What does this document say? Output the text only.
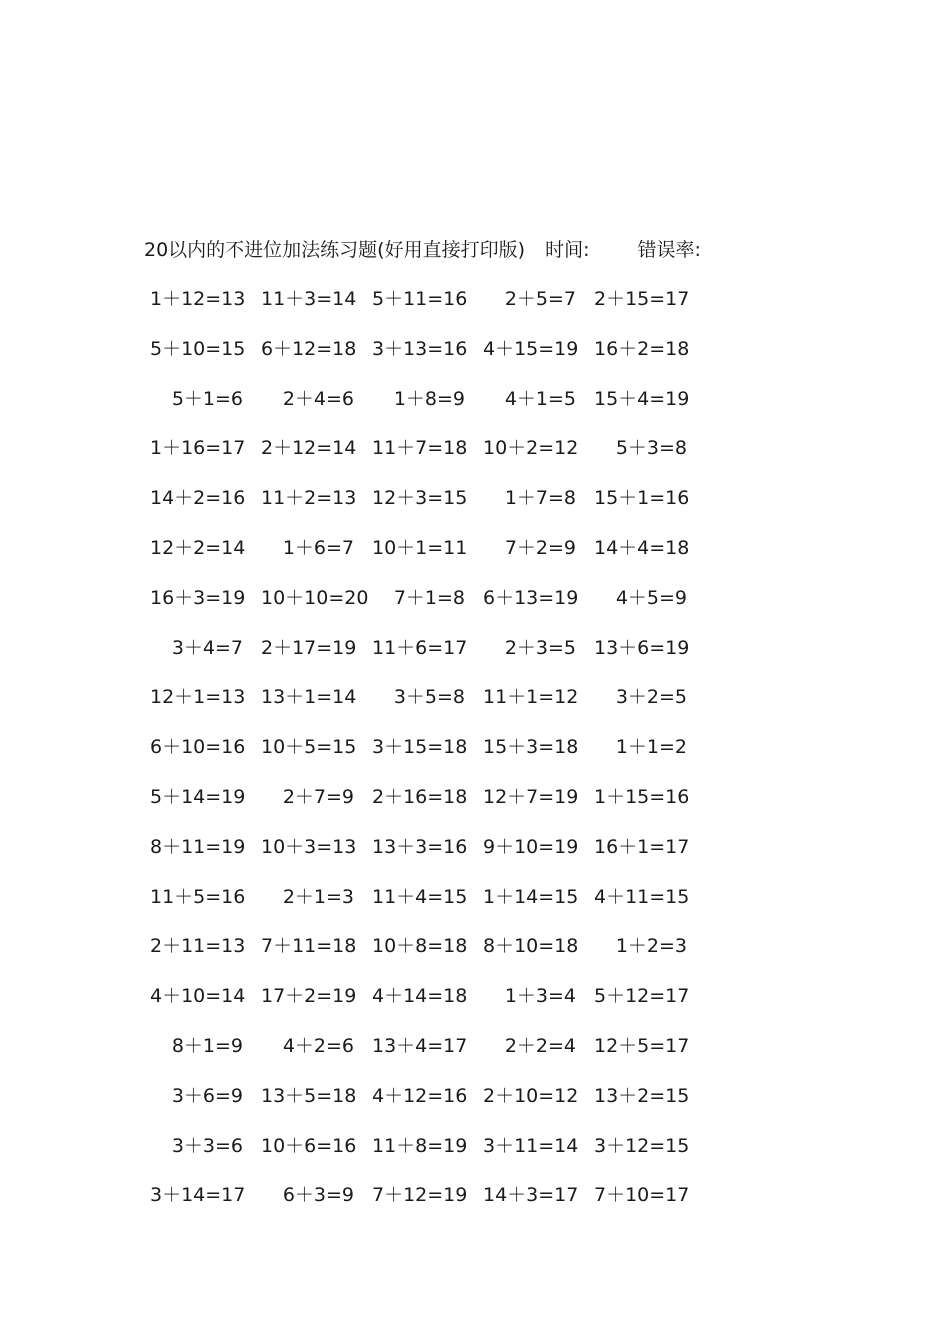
20以内的不进位加法练习题(好用直接打印版) 时间:	错误率:
1＋12=13 11＋3=14 5＋11=16	2＋5=7 2＋15=17
5＋10=15 6＋12=18 3＋13=16 4＋15=19 16＋2=18
5＋1=6	2＋4=6	1＋8=9	4＋1=5 15＋4=19
1＋16=17 2＋12=14 11＋7=18 10＋2=12	5＋3=8
14＋2=16 11＋2=13 12＋3=15	1＋7=8 15＋1=16
12＋2=14	1＋6=7 10＋1=11	7＋2=9 14＋4=18
16＋3=19 10＋10=20	7＋1=8 6＋13=19	4＋5=9
3＋4=7 2＋17=19 11＋6=17	2＋3=5 13＋6=19
12＋1=13 13＋1=14	3＋5=8 11＋1=12	3＋2=5
6＋10=16 10＋5=15 3＋15=18 15＋3=18	1＋1=2
5＋14=19	2＋7=9 2＋16=18 12＋7=19 1＋15=16
8＋11=19 10＋3=13 13＋3=16 9＋10=19 16＋1=17
11＋5=16	2＋1=3 11＋4=15 1＋14=15 4＋11=15
2＋11=13 7＋11=18 10＋8=18 8＋10=18	1＋2=3
4＋10=14 17＋2=19 4＋14=18	1＋3=4 5＋12=17
8＋1=9	4＋2=6 13＋4=17	2＋2=4 12＋5=17
3＋6=9 13＋5=18 4＋12=16 2＋10=12 13＋2=15
3＋3=6 10＋6=16 11＋8=19 3＋11=14 3＋12=15
3＋14=17	6＋3=9 7＋12=19 14＋3=17 7＋10=17
